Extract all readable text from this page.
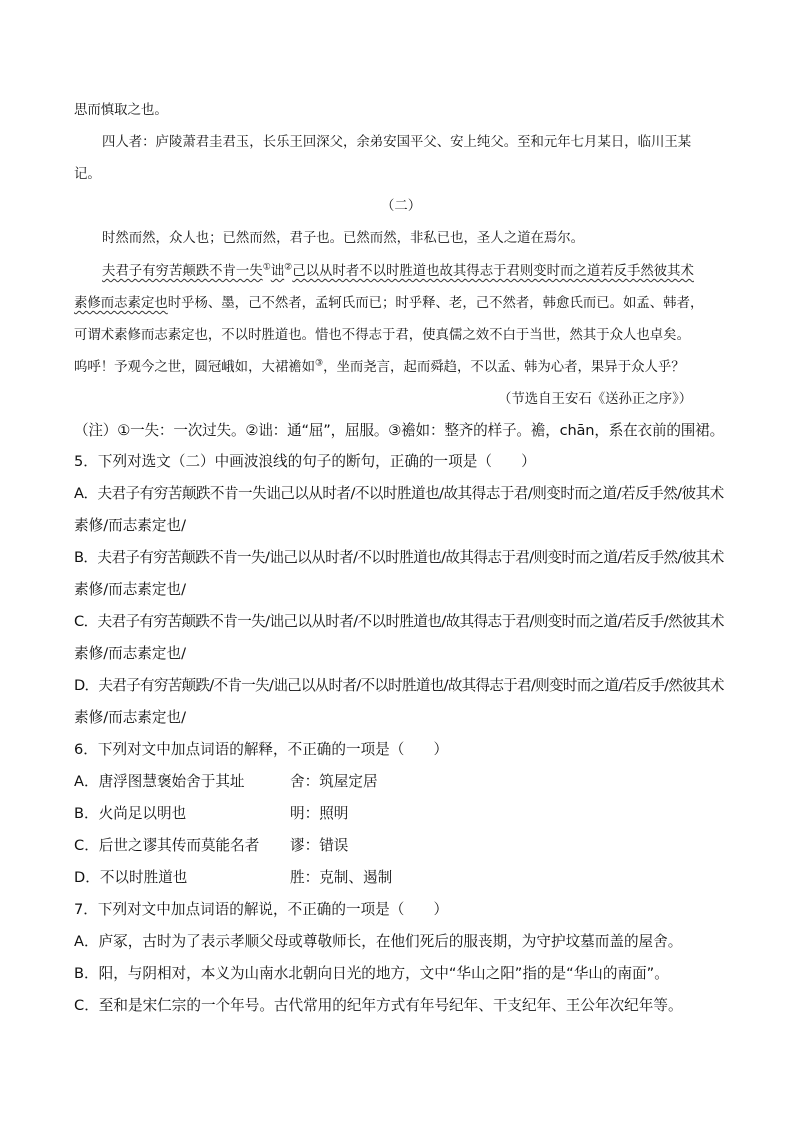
思而慎取之也。
四人者：庐陵萧君圭君玉，长乐王回深父，余弟安国平父、安上纯父。至和元年七月某日，临川王某
记。
（二）
时然而然，众人也；已然而然，君子也。已然而然，非私已也，圣人之道在焉尔。
夫君子有穷苦颠跌不肯一失①诎②己以从时者不以时胜道也故其得志于君则变时而之道若反手然彼其术
素修而志素定也时乎杨、墨，己不然者，孟轲氏而已；时乎释、老，己不然者，韩愈氏而已。如孟、韩者，
可谓术素修而志素定也，不以时胜道也。惜也不得志于君，使真儒之效不白于当世，然其于众人也卓矣。
呜呼！予观今之世，圆冠峨如，大裙襜如③，坐而尧言，起而舜趋，不以孟、韩为心者，果异于众人乎？
（节选自王安石《送孙正之序》）
（注）①一失：一次过失。②诎：通“屈”，屈服。③襜如：整齐的样子。襜，chān，系在衣前的围裙。
5．下列对选文（二）中画波浪线的句子的断句，正确的一项是（　　）
A．夫君子有穷苦颠跌不肯一失诎己以从时者/不以时胜道也/故其得志于君/则变时而之道/若反手然/彼其术
素修/而志素定也/
B．夫君子有穷苦颠跌不肯一失/诎己以从时者/不以时胜道也/故其得志于君/则变时而之道/若反手然/彼其术
素修/而志素定也/
C．夫君子有穷苦颠跌不肯一失/诎己以从时者/不以时胜道也/故其得志于君/则变时而之道/若反手/然彼其术
素修/而志素定也/
D．夫君子有穷苦颠跌/不肯一失/诎己以从时者/不以时胜道也/故其得志于君/则变时而之道/若反手/然彼其术
素修/而志素定也/
6．下列对文中加点词语的解释，不正确的一项是（　　）
A．唐浮图慧褒始舍于其址	舍：筑屋定居
B．火尚足以明也	明：照明
C．后世之谬其传而莫能名者 谬：错误
D．不以时胜道也	胜：克制、遏制
7．下列对文中加点词语的解说，不正确的一项是（　　）
A．庐冢，古时为了表示孝顺父母或尊敬师长，在他们死后的服丧期，为守护坟墓而盖的屋舍。
B．阳，与阴相对，本义为山南水北朝向日光的地方，文中“华山之阳”指的是“华山的南面”。
C．至和是宋仁宗的一个年号。古代常用的纪年方式有年号纪年、干支纪年、王公年次纪年等。
